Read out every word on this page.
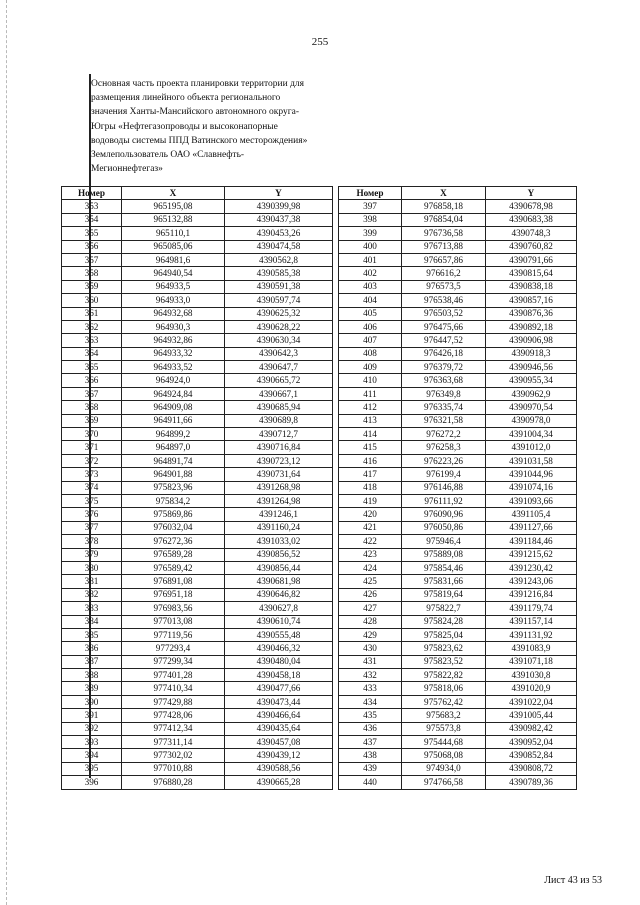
255
Основная часть проекта планировки территории для
размещения линейного объекта регионального
значения Ханты-Мансийского автономного округа-
Югры «Нефтегазопроводы и высоконапорные
водоводы системы ППД Ватинского месторождения»
Землепользователь ОАО «Славнефть-
Мегионнефтегаз»
Номер	X	Y
353	965195,08	4390399,98
354	965132,88	4390437,38
355	965110,1	4390453,26
356	965085,06	4390474,58
357	964981,6	4390562,8
358	964940,54	4390585,38
359	964933,5	4390591,38
360	964933,0	4390597,74
361	964932,68	4390625,32
362	964930,3	4390628,22
363	964932,86	4390630,34
364	964933,32	4390642,3
365	964933,52	4390647,7
366	964924,0	4390665,72
367	964924,84	4390667,1
368	964909,08	4390685,94
369	964911,66	4390689,8
370	964899,2	4390712,7
371	964897,0	4390716,84
372	964891,74	4390723,12
373	964901,88	4390731,64
374	975823,96	4391268,98
375	975834,2	4391264,98
376	975869,86	4391246,1
377	976032,04	4391160,24
378	976272,36	4391033,02
379	976589,28	4390856,52
380	976589,42	4390856,44
381	976891,08	4390681,98
382	976951,18	4390646,82
383	976983,56	4390627,8
384	977013,08	4390610,74
385	977119,56	4390555,48
386	977293,4	4390466,32
387	977299,34	4390480,04
388	977401,28	4390458,18
389	977410,34	4390477,66
390	977429,88	4390473,44
391	977428,06	4390466,64
392	977412,34	4390435,64
393	977311,14	4390457,08
394	977302,02	4390439,12
395	977010,88	4390588,56
396	976880,28	4390665,28
Номер	X	Y
397	976858,18	4390678,98
398	976854,04	4390683,38
399	976736,58	4390748,3
400	976713,88	4390760,82
401	976657,86	4390791,66
402	976616,2	4390815,64
403	976573,5	4390838,18
404	976538,46	4390857,16
405	976503,52	4390876,36
406	976475,66	4390892,18
407	976447,52	4390906,98
408	976426,18	4390918,3
409	976379,72	4390946,56
410	976363,68	4390955,34
411	976349,8	4390962,9
412	976335,74	4390970,54
413	976321,58	4390978,0
414	976272,2	4391004,34
415	976258,3	4391012,0
416	976223,26	4391031,58
417	976199,4	4391044,96
418	976146,88	4391074,16
419	976111,92	4391093,66
420	976090,96	4391105,4
421	976050,86	4391127,66
422	975946,4	4391184,46
423	975889,08	4391215,62
424	975854,46	4391230,42
425	975831,66	4391243,06
426	975819,64	4391216,84
427	975822,7	4391179,74
428	975824,28	4391157,14
429	975825,04	4391131,92
430	975823,62	4391083,9
431	975823,52	4391071,18
432	975822,82	4391030,8
433	975818,06	4391020,9
434	975762,42	4391022,04
435	975683,2	4391005,44
436	975573,8	4390982,42
437	975444,68	4390952,04
438	975068,08	4390852,84
439	974934,0	4390808,72
440	974766,58	4390789,36
Лист 43 из 53
